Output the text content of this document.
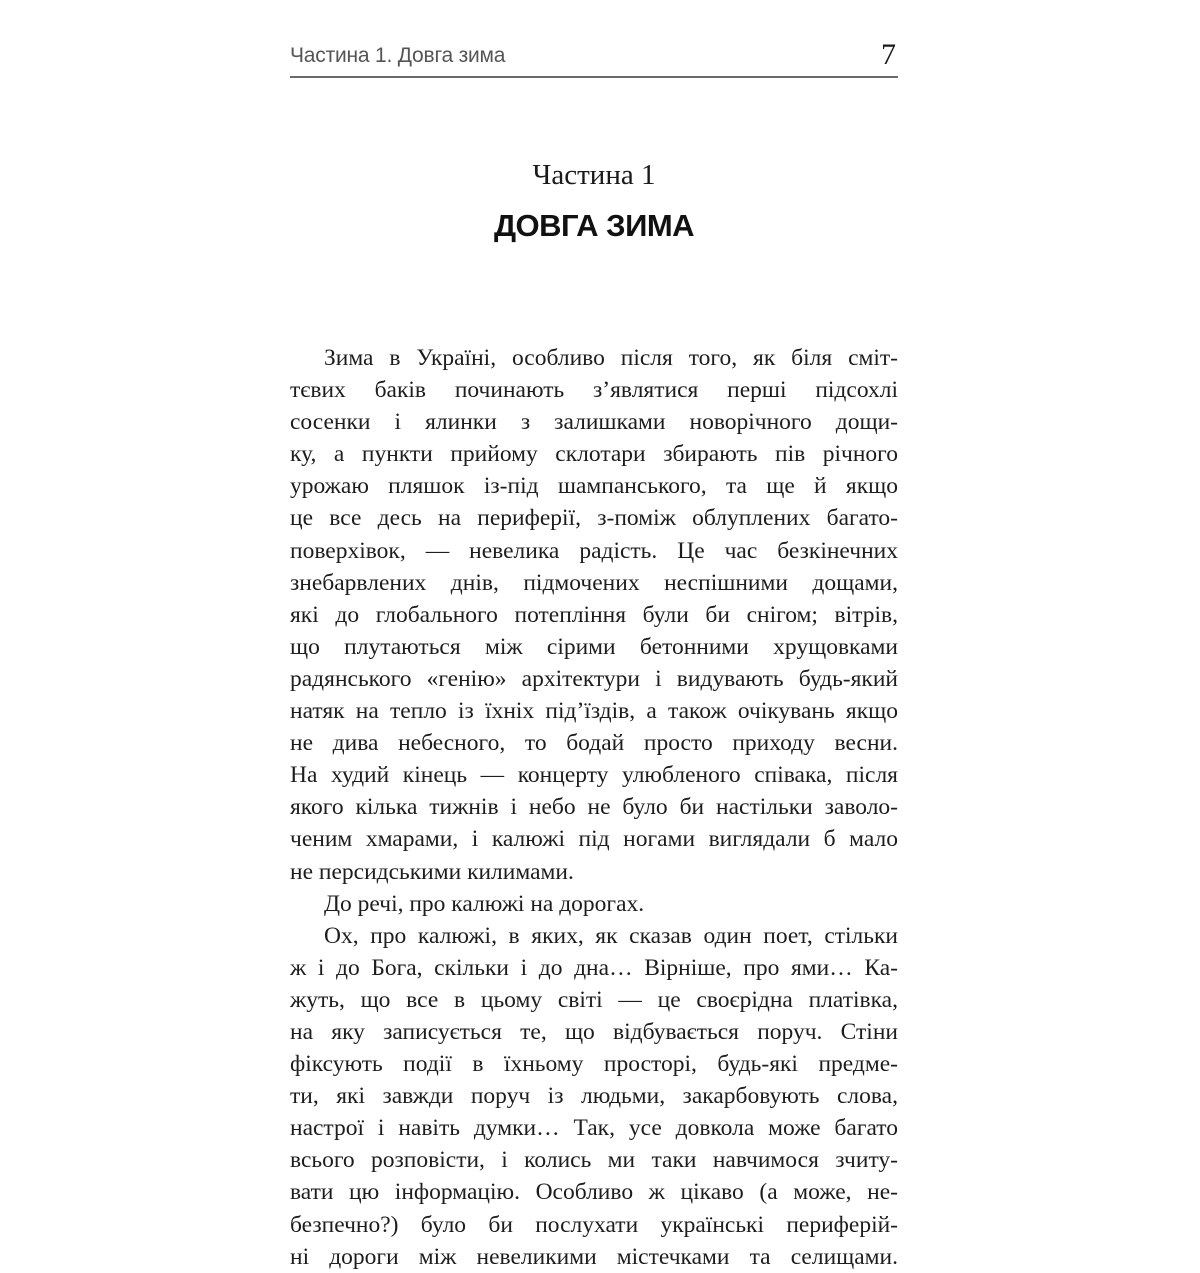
Частина 1. Довга зима	7
Частина 1
ДОВГА ЗИМА
Зима в Україні, особливо після того, як біля сміт-
тєвих баків починають з’являтися перші підсохлі
сосенки і ялинки з залишками новорічного дощи-
ку, а пункти прийому склотари збирають пів річного
урожаю пляшок із-під шампанського, та ще й якщо
це все десь на периферії, з-поміж облуплених багато-
поверхівок, — невелика радість. Це час безкінечних
знебарвлених днів, підмочених неспішними дощами,
які до глобального потепління були би снігом; вітрів,
що плутаються між сірими бетонними хрущовками
радянського «генію» архітектури і видувають будь-який
натяк на тепло із їхніх під’їздів, а також очікувань якщо
не дива небесного, то бодай просто приходу весни.
На худий кінець — концерту улюбленого співака, після
якого кілька тижнів і небо не було би настільки заволо-
ченим хмарами, і калюжі під ногами виглядали б мало
не персидськими килимами.
До речі, про калюжі на дорогах.
Ох, про калюжі, в яких, як сказав один поет, стільки
ж і до Бога, скільки і до дна… Вірніше, про ями… Ка-
жуть, що все в цьому світі — це своєрідна платівка,
на яку записується те, що відбувається поруч. Стіни
фіксують події в їхньому просторі, будь-які предме-
ти, які завжди поруч із людьми, закарбовують слова,
настрої і навіть думки… Так, усе довкола може багато
всього розповісти, і колись ми таки навчимося зчиту-
вати цю інформацію. Особливо ж цікаво (а може, не-
безпечно?) було би послухати українські периферій-
ні дороги між невеликими містечками та селищами.
